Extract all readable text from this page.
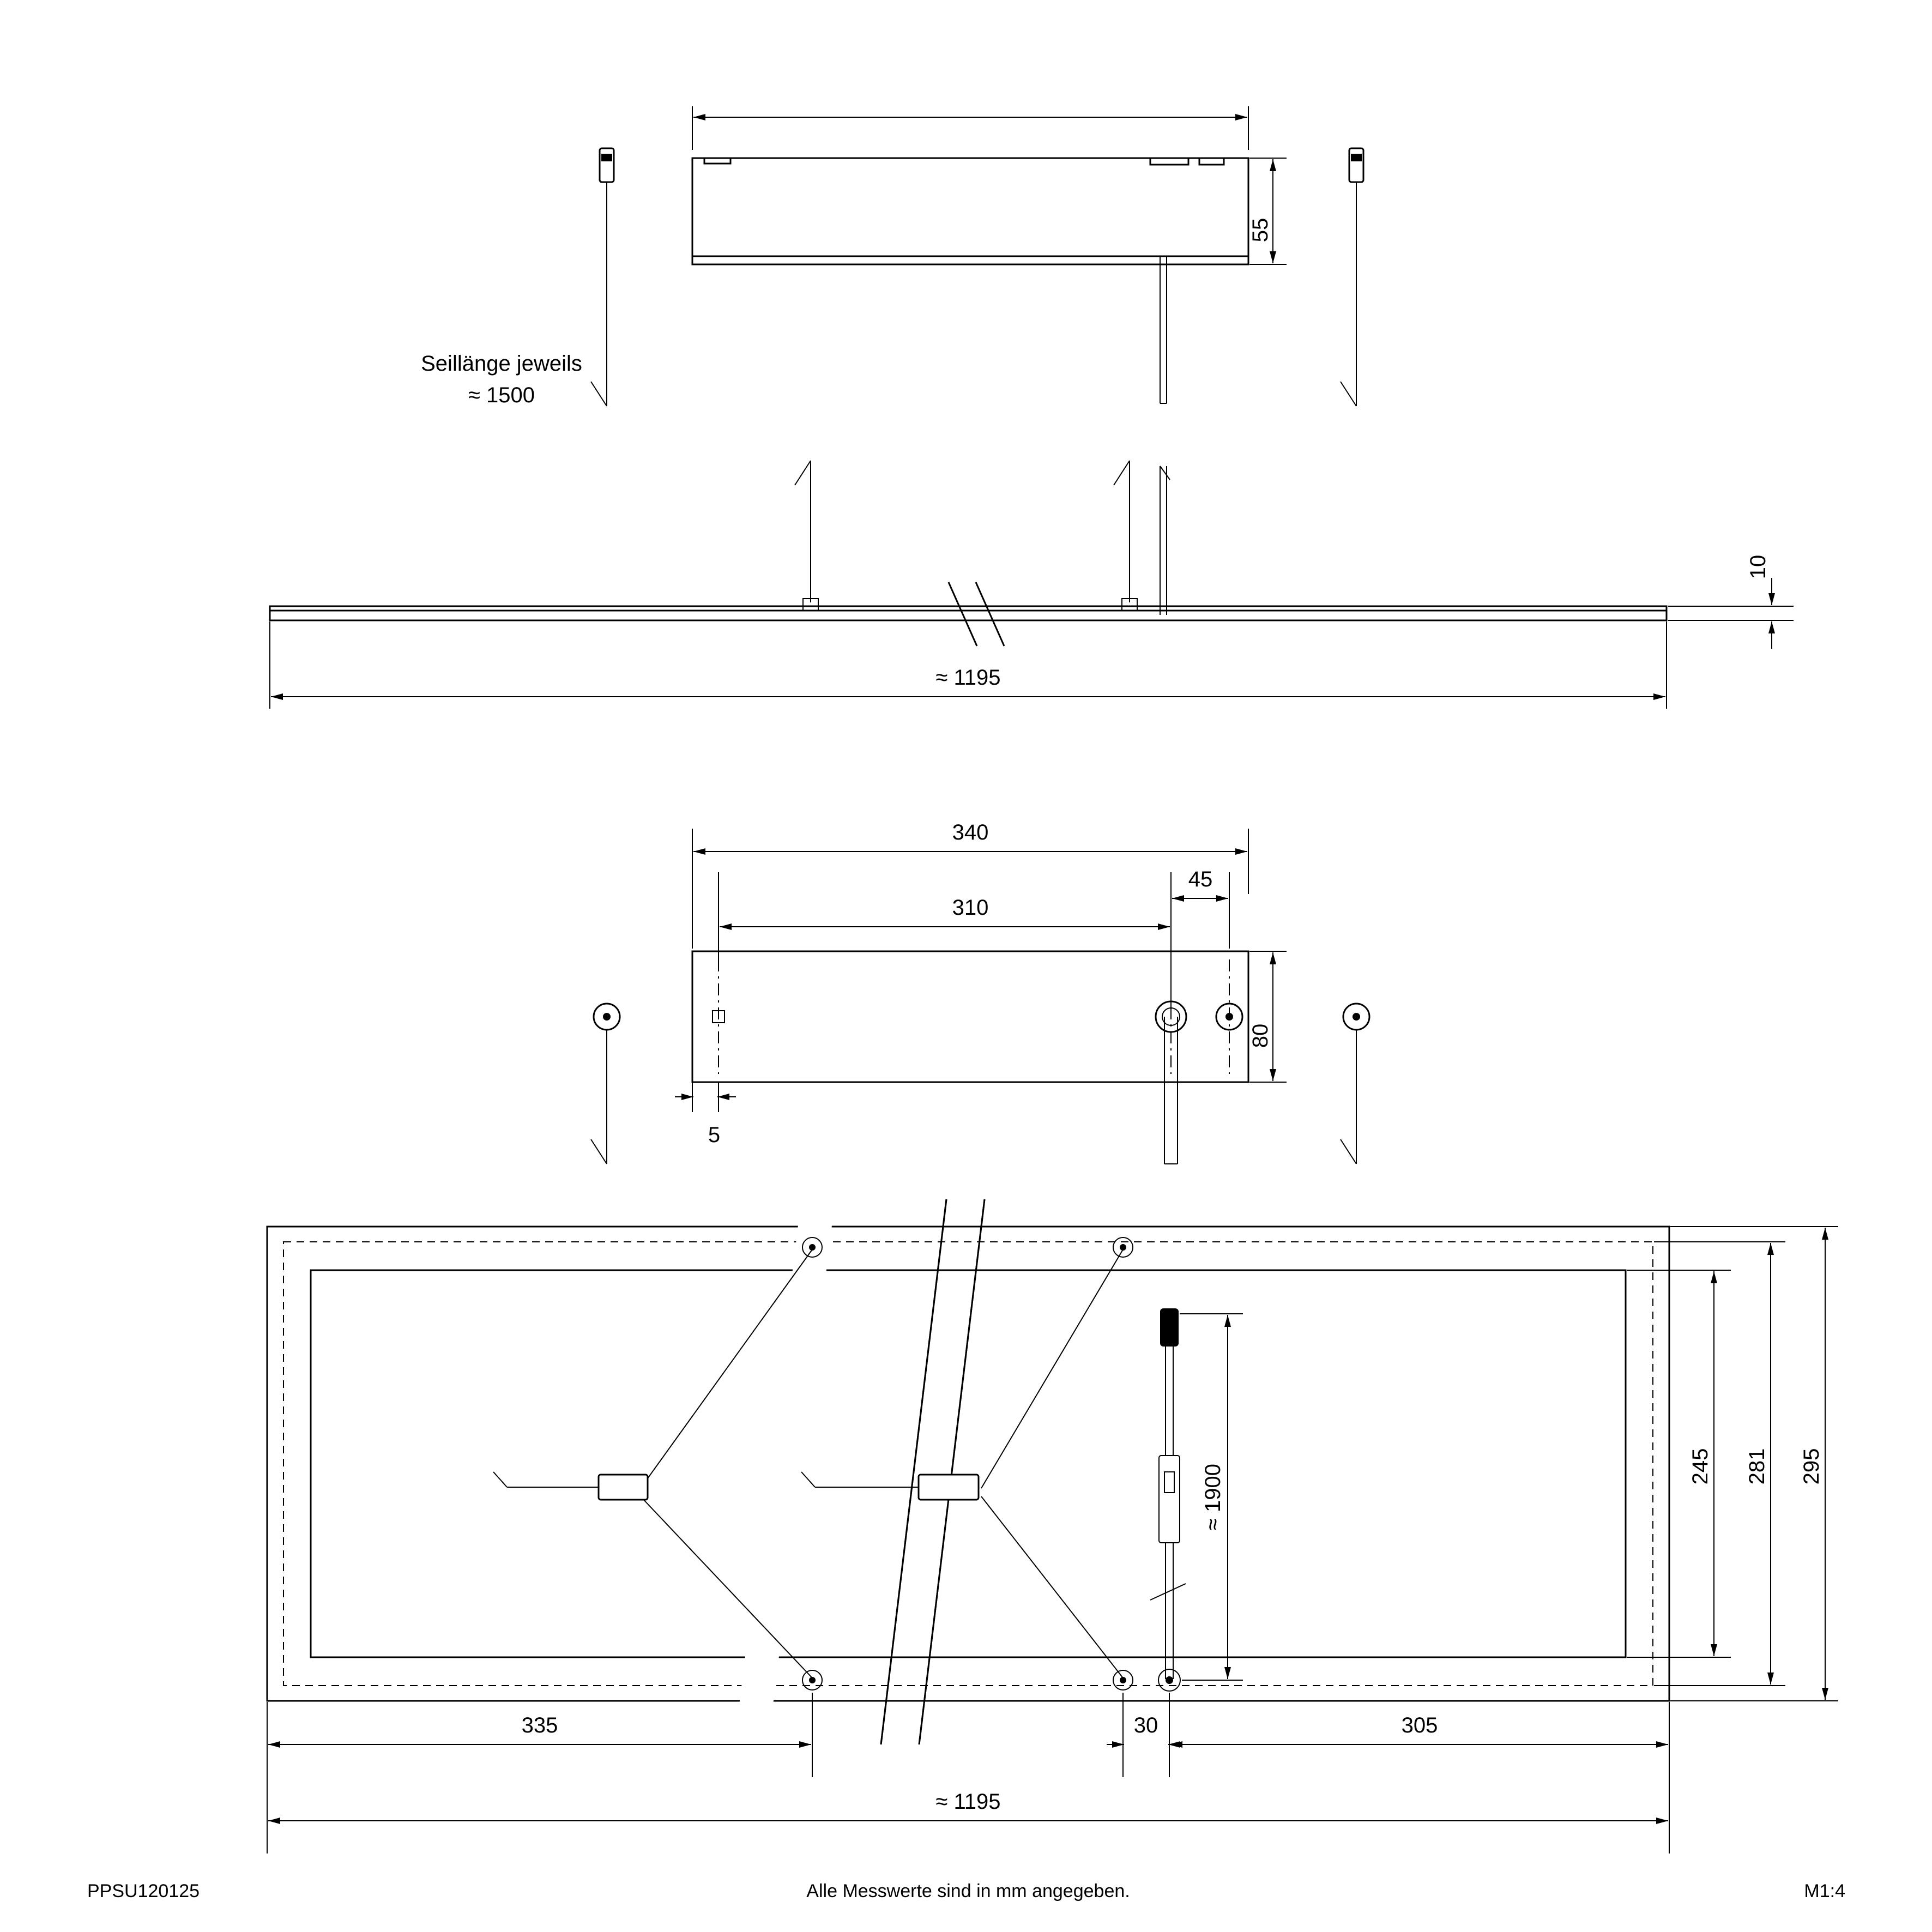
55
Seillänge jeweils
≈ 1500
10
≈ 1195
340
310
45
80
5
≈ 1900	245 281 295
335	30	305
≈ 1195
PPSU120125	Alle Messwerte sind in mm angegeben.	M1:4
